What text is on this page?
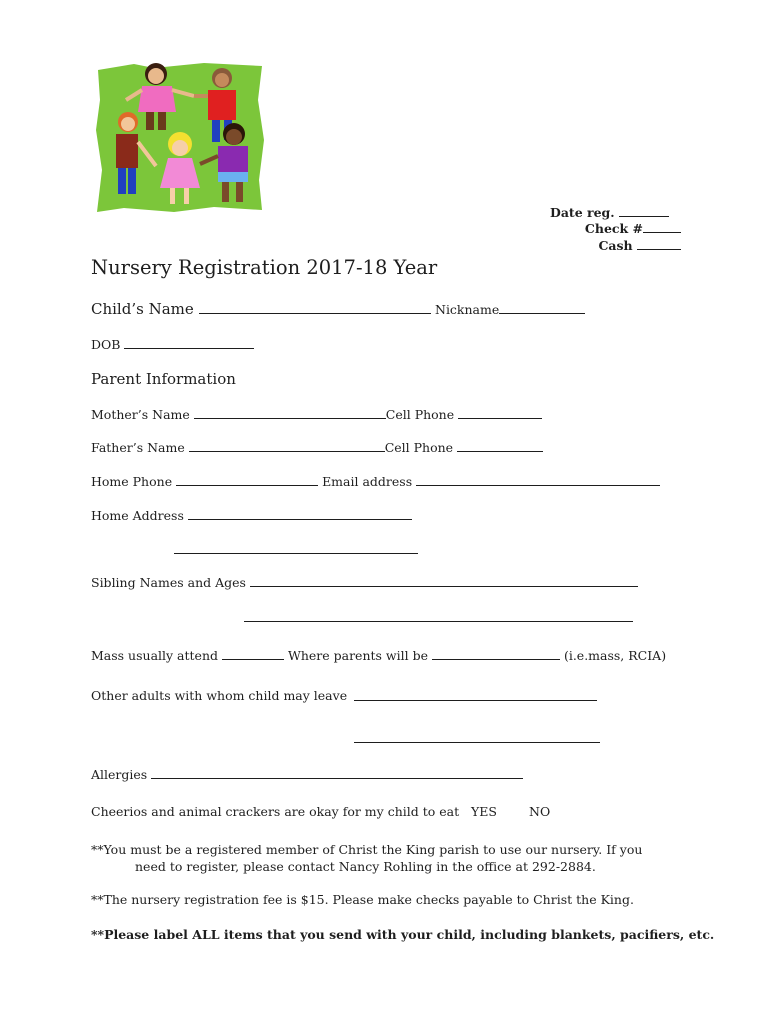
Date reg.
Check #
Cash
Nursery Registration 2017-18 Year
Child’s Name	Nickname
DOB
Parent Information
Mother’s Name	Cell Phone
Father’s Name	Cell Phone
Home Phone	Email address
Home Address
Sibling Names and Ages
Mass usually attend	Where parents will be	(i.e.mass, RCIA)
Other adults with whom child may leave
Allergies
Cheerios and animal crackers are okay for my child to eat YES	NO
**You must be a registered member of Christ the King parish to use our nursery. If you
need to register, please contact Nancy Rohling in the office at 292-2884.
**The nursery registration fee is $15. Please make checks payable to Christ the King.
**Please label ALL items that you send with your child, including blankets, pacifiers, etc.
